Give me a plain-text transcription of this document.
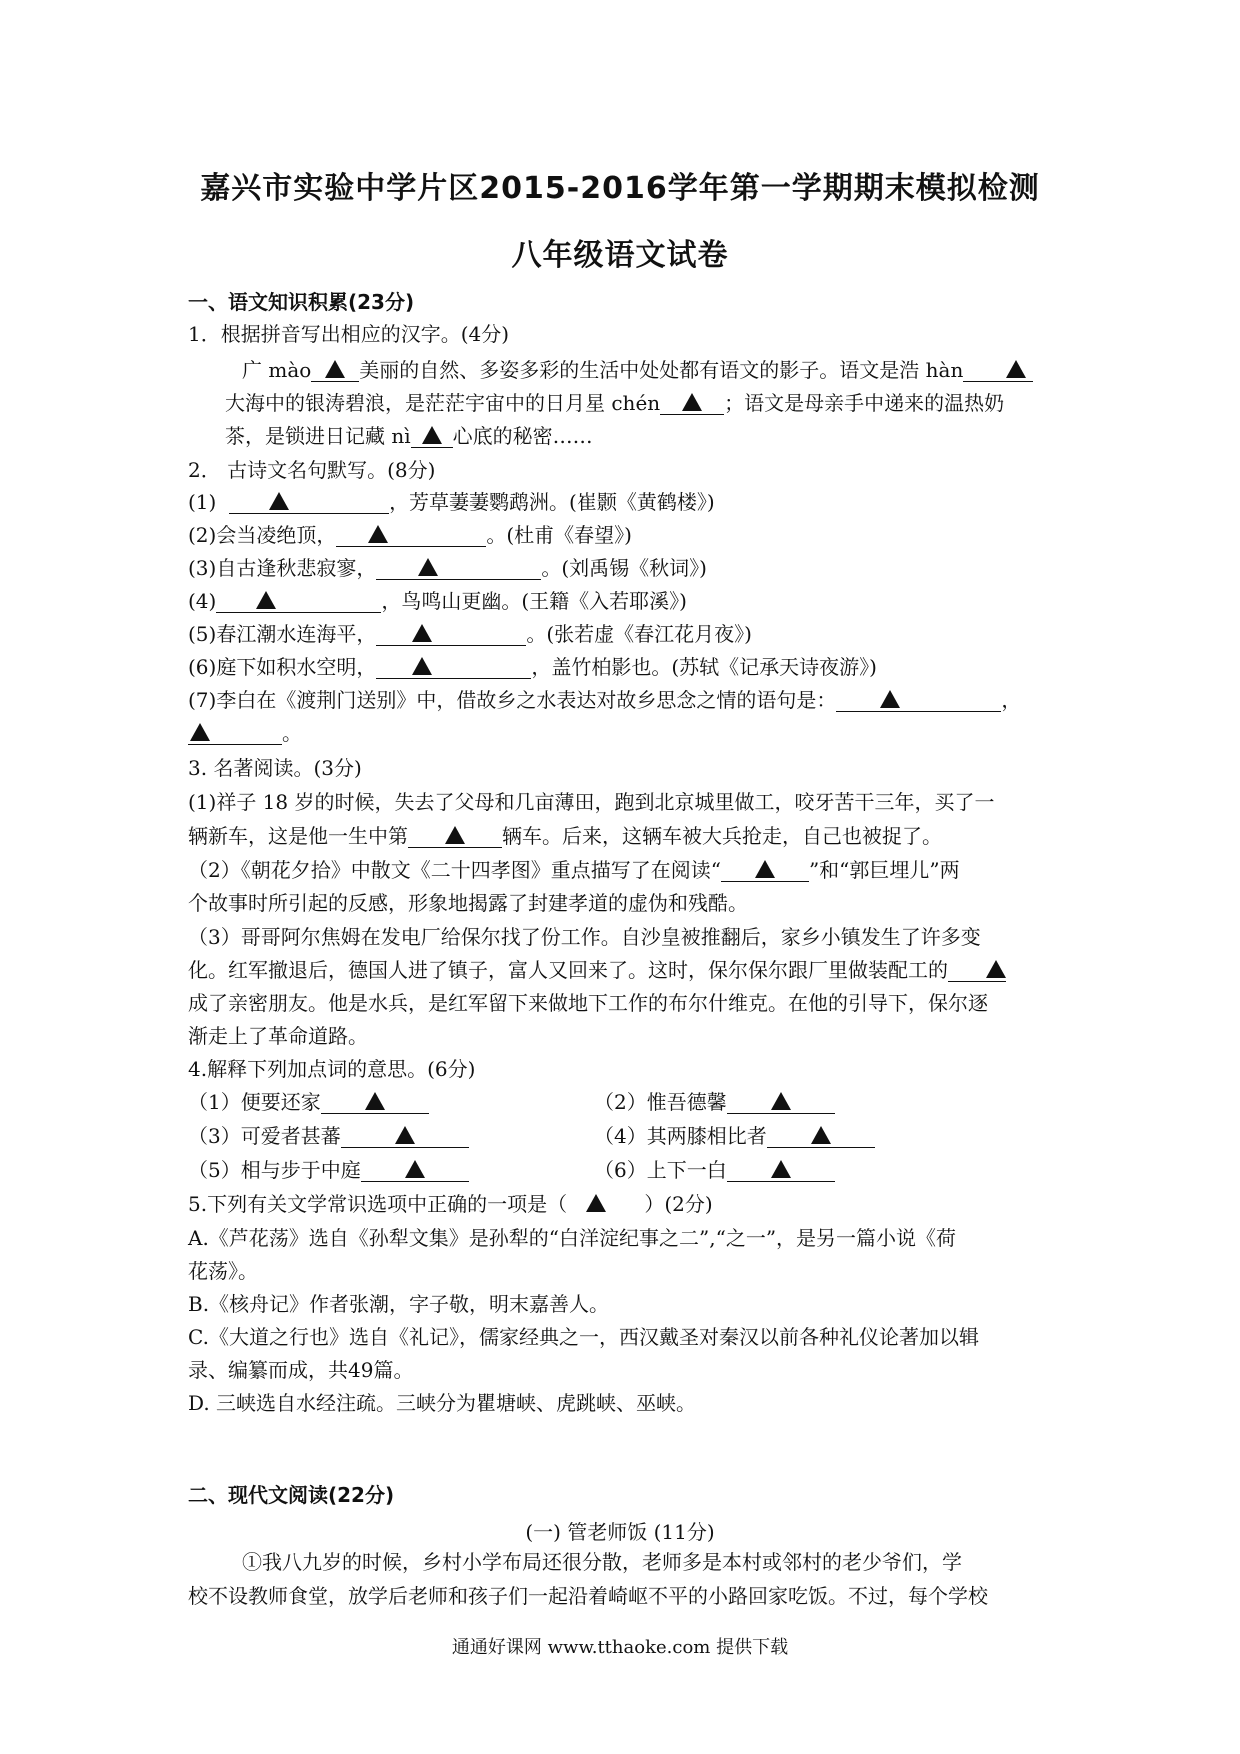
嘉兴市实验中学片区2015-2016学年第一学期期末模拟检测
八年级语文试卷
一、语文知识积累(23分)
1．根据拼音写出相应的汉字。(4分)
广 mào 美丽的自然、多姿多彩的生活中处处都有语文的影子。语文是浩 hàn
大海中的银涛碧浪，是茫茫宇宙中的日月星 chén	；语文是母亲手中递来的温热奶
茶，是锁进日记藏 nì 心底的秘密……
2． 古诗文名句默写。(8分)
(1)	，芳草萋萋鹦鹉洲。(崔颢《黄鹤楼》)
(2)会当凌绝顶，	。(杜甫《春望》)
(3)自古逢秋悲寂寥，	。(刘禹锡《秋词》)
(4)	，鸟鸣山更幽。(王籍《入若耶溪》)
(5)春江潮水连海平，	。(张若虚《春江花月夜》)
(6)庭下如积水空明，	，盖竹柏影也。(苏轼《记承天诗夜游》)
(7)李白在《渡荆门送别》中，借故乡之水表达对故乡思念之情的语句是：	，
。
3. 名著阅读。(3分)
(1)祥子 18 岁的时候，失去了父母和几亩薄田，跑到北京城里做工，咬牙苦干三年，买了一
辆新车，这是他一生中第	辆车。后来，这辆车被大兵抢走，自己也被捉了。
（2）《朝花夕拾》中散文《二十四孝图》重点描写了在阅读“	”和“郭巨埋儿”两
个故事时所引起的反感，形象地揭露了封建孝道的虚伪和残酷。
（3）哥哥阿尔焦姆在发电厂给保尔找了份工作。自沙皇被推翻后，家乡小镇发生了许多变
化。红军撤退后，德国人进了镇子，富人又回来了。这时，保尔保尔跟厂里做装配工的
成了亲密朋友。他是水兵，是红军留下来做地下工作的布尔什维克。在他的引导下，保尔逐
渐走上了革命道路。
4.解释下列加点词的意思。(6分)
（1）便要还家	（2）惟吾德馨
（3）可爱者甚蕃	（4）其两膝相比者
（5）相与步于中庭	（6）上下一白
5.下列有关文学常识选项中正确的一项是（	）(2分)
A.《芦花荡》选自《孙犁文集》是孙犁的“白洋淀纪事之二”,“之一”，是另一篇小说《荷
花荡》。
B.《核舟记》作者张潮，字子敬，明末嘉善人。
C.《大道之行也》选自《礼记》，儒家经典之一，西汉戴圣对秦汉以前各种礼仪论著加以辑
录、编纂而成，共49篇。
D. 三峡选自水经注疏。三峡分为瞿塘峡、虎跳峡、巫峡。
二、现代文阅读(22分)
(一) 管老师饭 (11分)
①我八九岁的时候，乡村小学布局还很分散，老师多是本村或邻村的老少爷们，学
校不设教师食堂，放学后老师和孩子们一起沿着崎岖不平的小路回家吃饭。不过，每个学校
通通好课网 www.tthaoke.com 提供下载
